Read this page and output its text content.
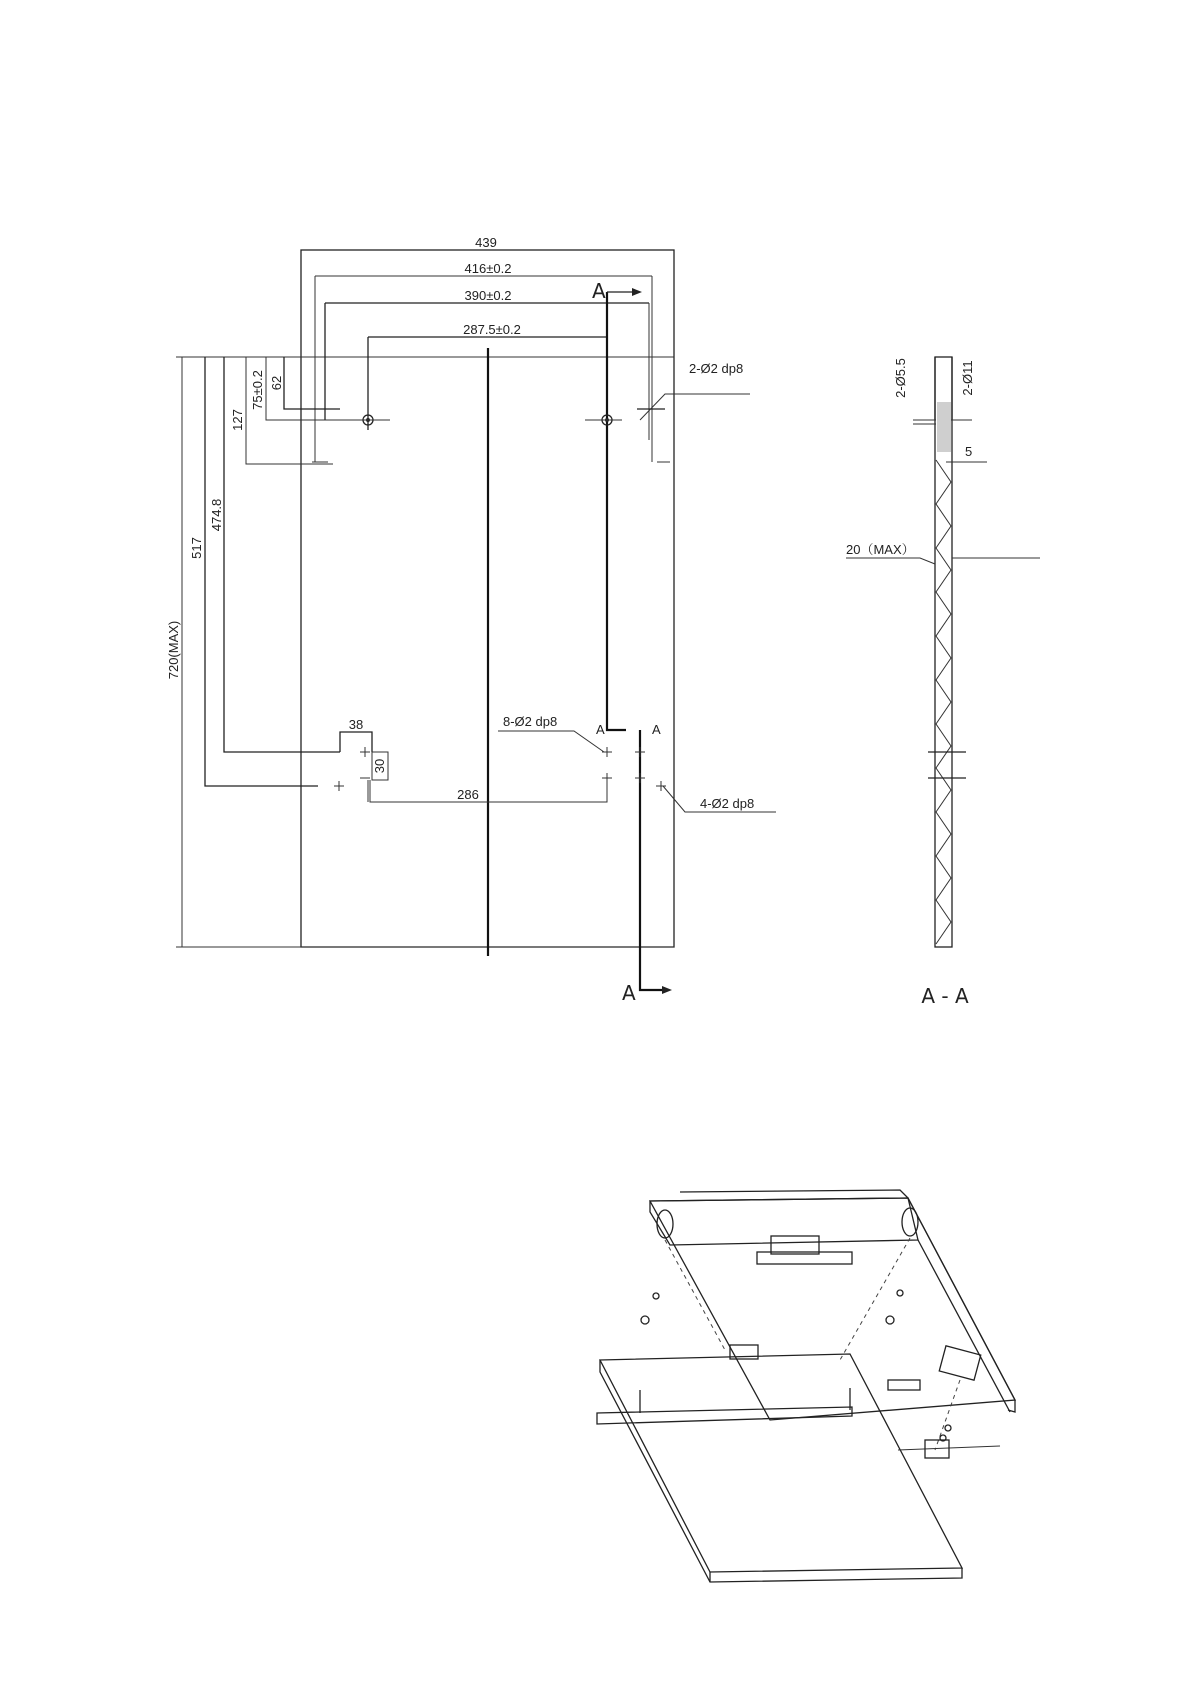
439
416±0.2
390±0.2
287.5±0.2
720(MAX)
517
474.8
127
75±0.2 62
38
30
286
2-Ø2 dp8
8-Ø2 dp8
4-Ø2 dp8
A
A	A
A
2-Ø5.5	2-Ø11
5
20（MAX）
A - A
